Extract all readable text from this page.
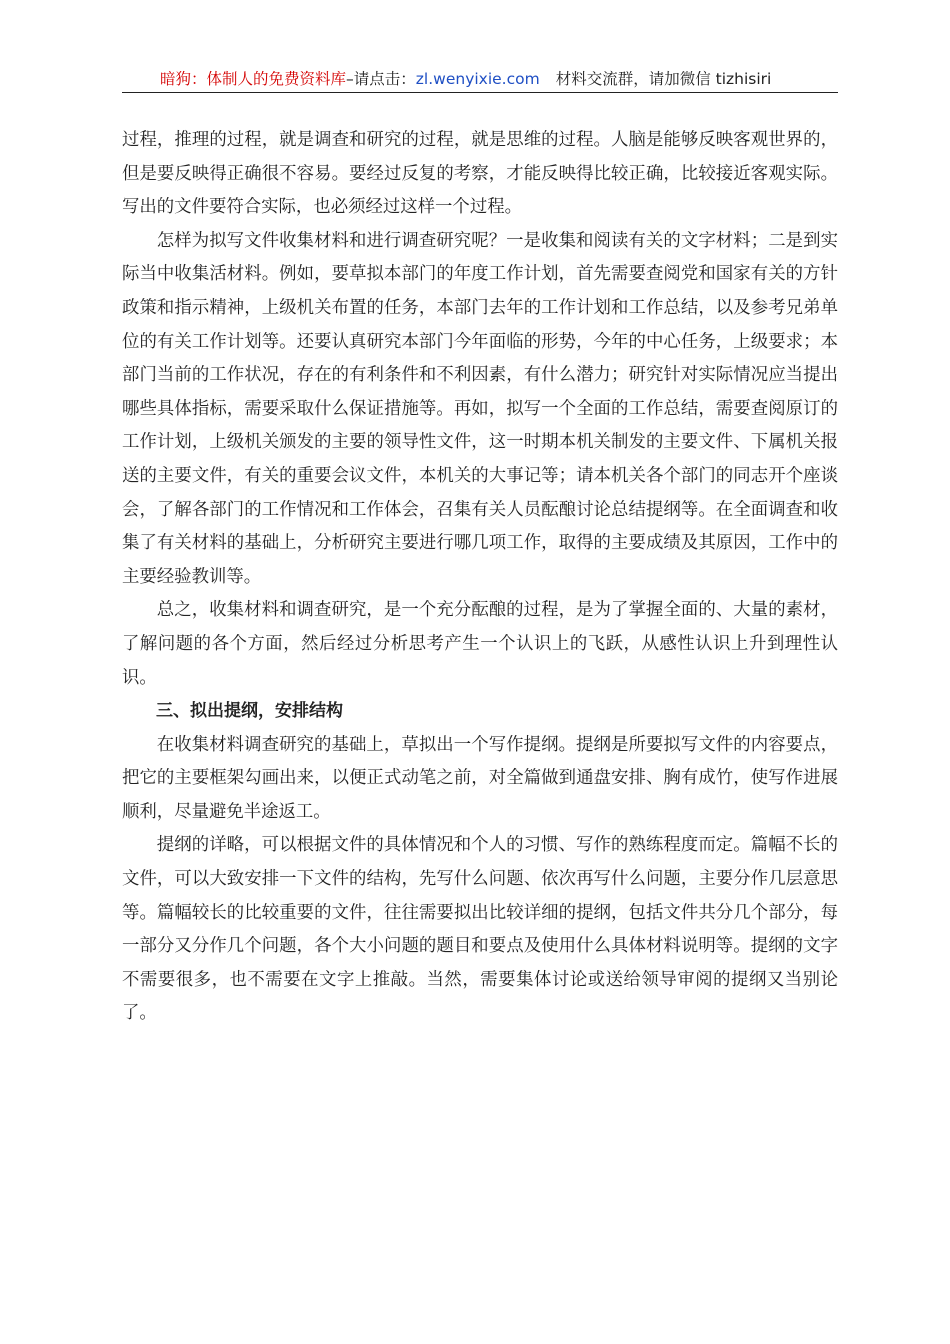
暗狗：体制人的免费资料库–请点击：zl.wenyixie.com 材料交流群，请加微信 tizhisiri

过程，推理的过程，就是调查和研究的过程，就是思维的过程。人脑是能够反映客观世界的，但是要反映得正确很不容易。要经过反复的考察，才能反映得比较正确，比较接近客观实际。写出的文件要符合实际，也必须经过这样一个过程。

怎样为拟写文件收集材料和进行调查研究呢？一是收集和阅读有关的文字材料；二是到实际当中收集活材料。例如，要草拟本部门的年度工作计划，首先需要查阅党和国家有关的方针政策和指示精神，上级机关布置的任务，本部门去年的工作计划和工作总结，以及参考兄弟单位的有关工作计划等。还要认真研究本部门今年面临的形势，今年的中心任务，上级要求；本部门当前的工作状况，存在的有利条件和不利因素，有什么潜力；研究针对实际情况应当提出哪些具体指标，需要采取什么保证措施等。再如，拟写一个全面的工作总结，需要查阅原订的工作计划，上级机关颁发的主要的领导性文件，这一时期本机关制发的主要文件、下属机关报送的主要文件，有关的重要会议文件，本机关的大事记等；请本机关各个部门的同志开个座谈会，了解各部门的工作情况和工作体会，召集有关人员酝酿讨论总结提纲等。在全面调查和收集了有关材料的基础上，分析研究主要进行哪几项工作，取得的主要成绩及其原因，工作中的主要经验教训等。

总之，收集材料和调查研究，是一个充分酝酿的过程，是为了掌握全面的、大量的素材，了解问题的各个方面，然后经过分析思考产生一个认识上的飞跃，从感性认识上升到理性认识。

三、拟出提纲，安排结构

在收集材料调查研究的基础上，草拟出一个写作提纲。提纲是所要拟写文件的内容要点，把它的主要框架勾画出来，以便正式动笔之前，对全篇做到通盘安排、胸有成竹，使写作进展顺利，尽量避免半途返工。

提纲的详略，可以根据文件的具体情况和个人的习惯、写作的熟练程度而定。篇幅不长的文件，可以大致安排一下文件的结构，先写什么问题、依次再写什么问题，主要分作几层意思等。篇幅较长的比较重要的文件，往往需要拟出比较详细的提纲，包括文件共分几个部分，每一部分又分作几个问题，各个大小问题的题目和要点及使用什么具体材料说明等。提纲的文字不需要很多，也不需要在文字上推敲。当然，需要集体讨论或送给领导审阅的提纲又当别论了。
